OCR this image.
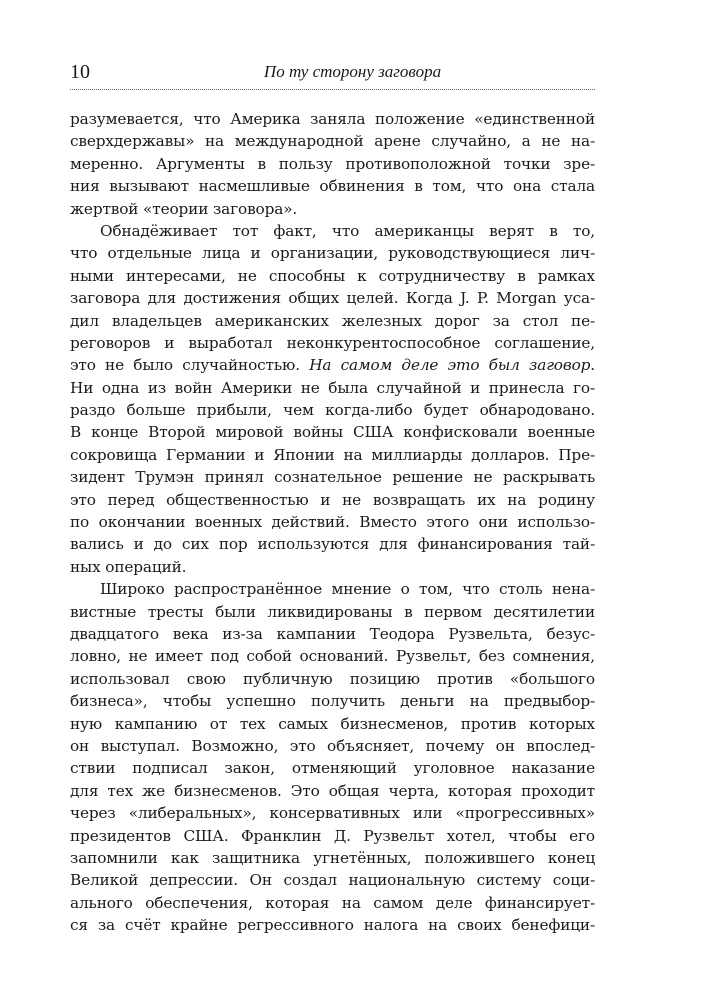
10	По ту сторону заговора
разумевается, что Америка заняла положение «единственной
сверхдержавы» на международной арене случайно, а не на-
меренно. Аргументы в пользу противоположной точки зре-
ния вызывают насмешливые обвинения в том, что она стала
жертвой «теории заговора».
Обнадёживает тот факт, что американцы верят в то,
что отдельные лица и организации, руководствующиеся лич-
ными интересами, не способны к сотрудничеству в рамках
заговора для достижения общих целей. Когда J. P. Morgan уса-
дил владельцев американских железных дорог за стол пе-
реговоров и выработал неконкурентоспособное соглашение,
это не было случайностью. На самом деле это был заговор.
Ни одна из войн Америки не была случайной и принесла го-
раздо больше прибыли, чем когда-либо будет обнародовано.
В конце Второй мировой войны США конфисковали военные
сокровища Германии и Японии на миллиарды долларов. Пре-
зидент Трумэн принял сознательное решение не раскрывать
это перед общественностью и не возвращать их на родину
по окончании военных действий. Вместо этого они использо-
вались и до сих пор используются для финансирования тай-
ных операций.
Широко распространённое мнение о том, что столь нена-
вистные тресты были ликвидированы в первом десятилетии
двадцатого века из-за кампании Теодора Рузвельта, безус-
ловно, не имеет под собой оснований. Рузвельт, без сомнения,
использовал свою публичную позицию против «большого
бизнеса», чтобы успешно получить деньги на предвыбор-
ную кампанию от тех самых бизнесменов, против которых
он выступал. Возможно, это объясняет, почему он впослед-
ствии подписал закон, отменяющий уголовное наказание
для тех же бизнесменов. Это общая черта, которая проходит
через «либеральных», консервативных или «прогрессивных»
президентов США. Франклин Д. Рузвельт хотел, чтобы его
запомнили как защитника угнетённых, положившего конец
Великой депрессии. Он создал национальную систему соци-
ального обеспечения, которая на самом деле финансирует-
ся за счёт крайне регрессивного налога на своих бенефици-
